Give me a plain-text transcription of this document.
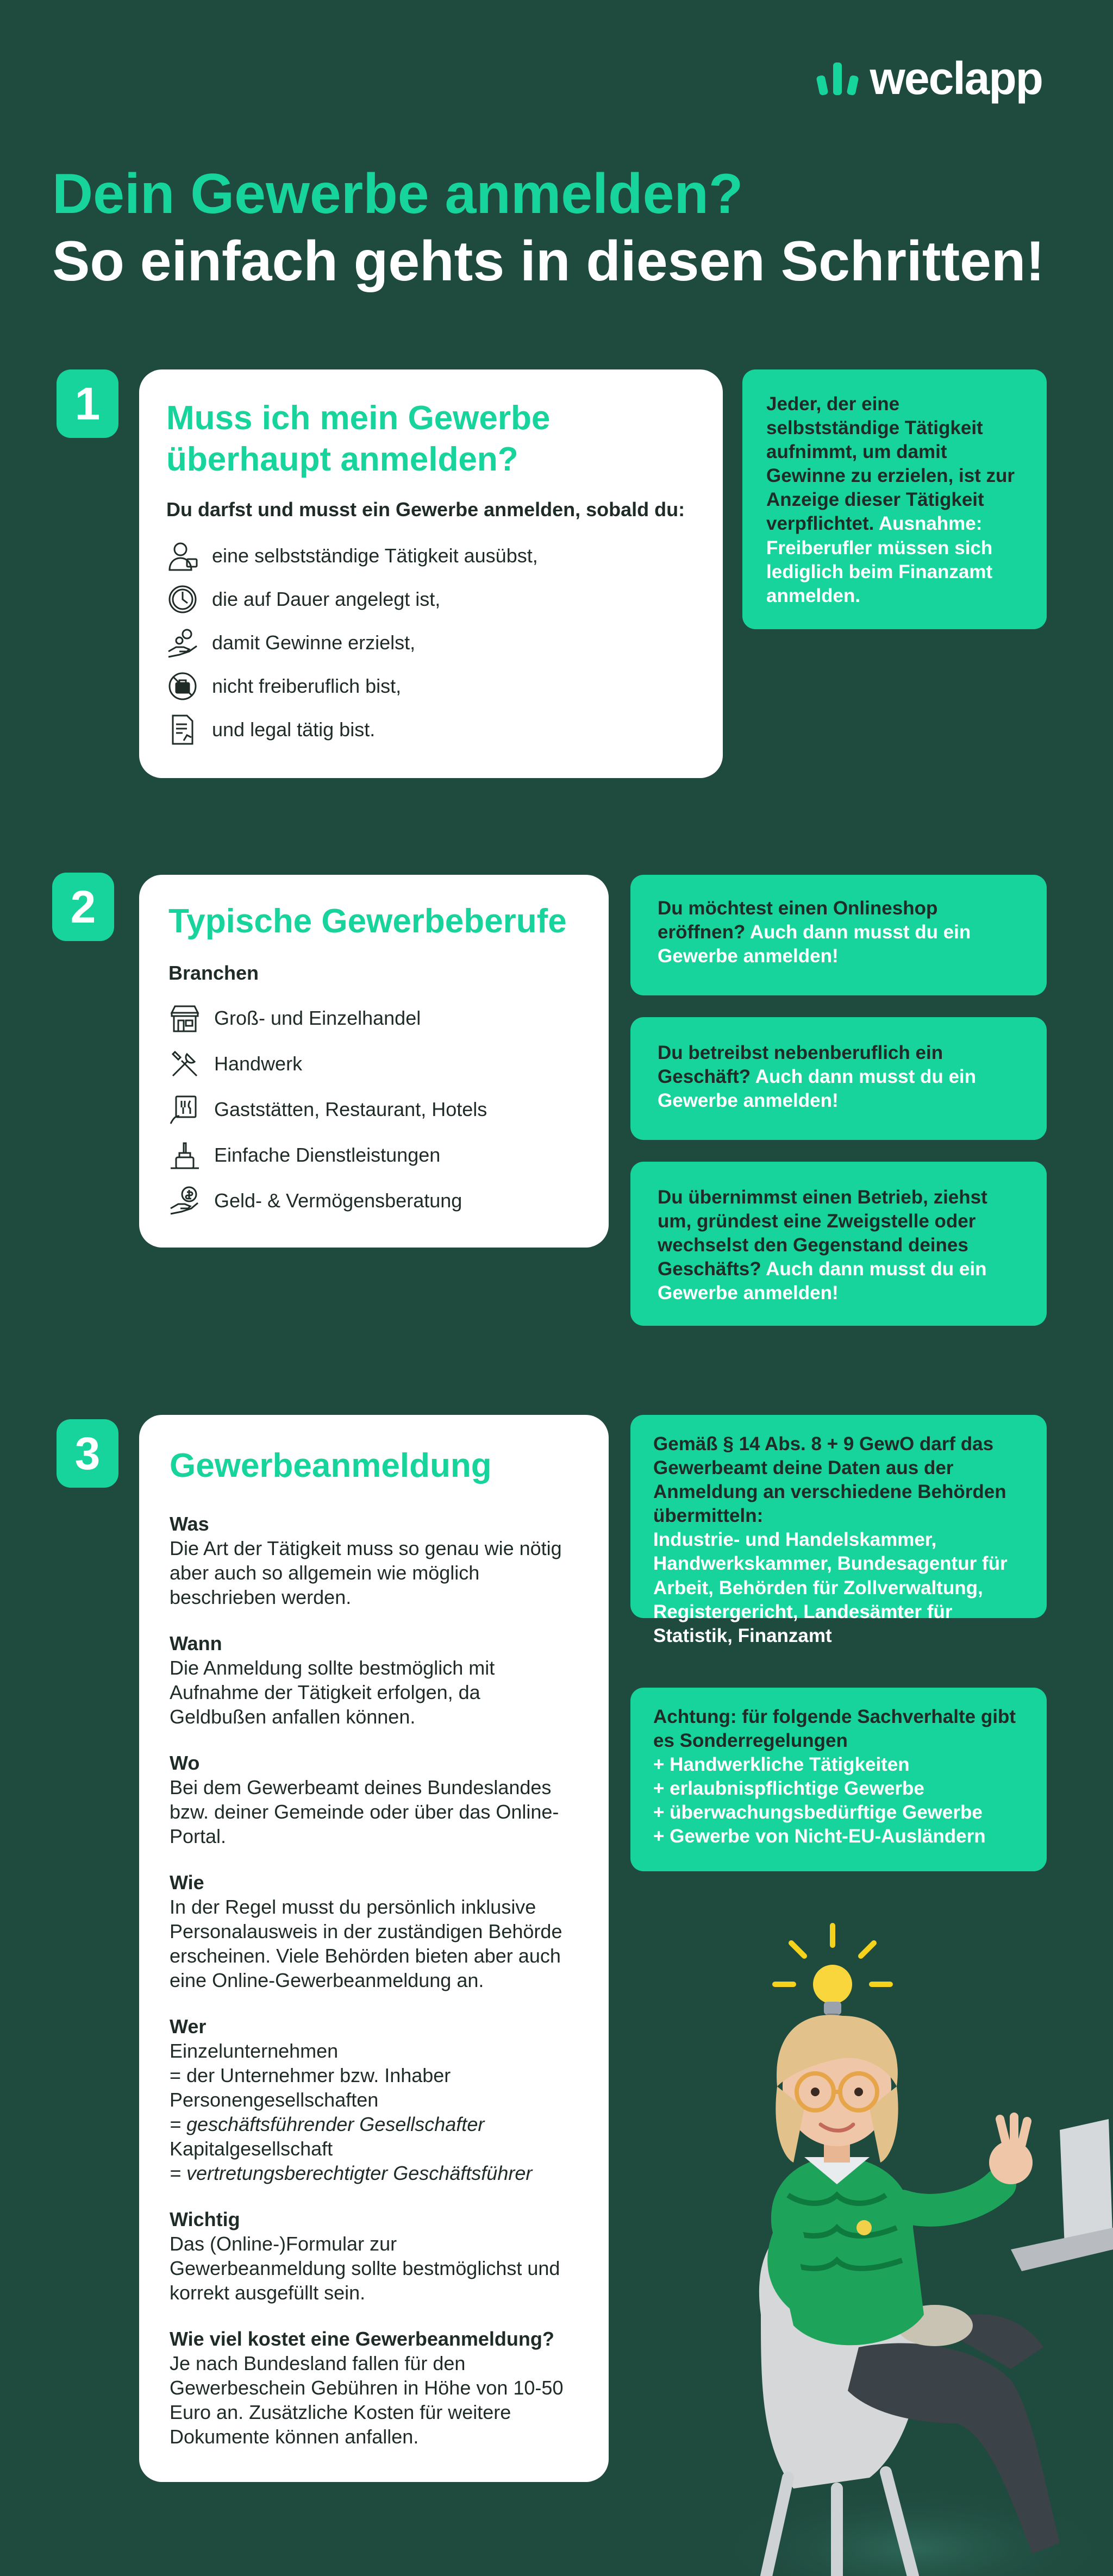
weclapp
Dein Gewerbe anmelden?
So einfach gehts in diesen Schritten!
1	Muss ich mein Gewerbe
überhaupt anmelden?
Du darfst und musst ein Gewerbe anmelden, sobald du:
eine selbstständige Tätigkeit ausübst,
die auf Dauer angelegt ist,
damit Gewinne erzielst,
nicht freiberuflich bist,
und legal tätig bist.
Jeder, der eine selbstständige Tätigkeit aufnimmt, um damit Gewinne zu erzielen, ist zur Anzeige dieser Tätigkeit verpflichtet. Ausnahme: Freiberufler müssen sich lediglich beim Finanzamt anmelden.
2	Typische Gewerbeberufe
Branchen
Groß- und Einzelhandel
Handwerk
Gaststätten, Restaurant, Hotels
Einfache Dienstleistungen
Geld- & Vermögensberatung
Du möchtest einen Onlineshop eröffnen? Auch dann musst du ein Gewerbe anmelden!
Du betreibst nebenberuflich ein Geschäft? Auch dann musst du ein Gewerbe anmelden!
Du übernimmst einen Betrieb, ziehst um, gründest eine Zweigstelle oder wechselst den Gegenstand deines Geschäfts? Auch dann musst du ein Gewerbe anmelden!
3	Gewerbeanmeldung
Was
Die Art der Tätigkeit muss so genau wie nötig aber auch so allgemein wie möglich beschrieben werden.
Wann
Die Anmeldung sollte bestmöglich mit Aufnahme der Tätigkeit erfolgen, da Geldbußen anfallen können.
Wo
Bei dem Gewerbeamt deines Bundeslandes bzw. deiner Gemeinde oder über das Online-Portal.
Wie
In der Regel musst du persönlich inklusive Personalausweis in der zuständigen Behörde erscheinen. Viele Behörden bieten aber auch eine Online-Gewerbeanmeldung an.
Wer
Einzelunternehmen
= der Unternehmer bzw. Inhaber
Personengesellschaften
= geschäftsführender Gesellschafter
Kapitalgesellschaft
= vertretungsberechtigter Geschäftsführer
Wichtig
Das (Online-)Formular zur Gewerbeanmeldung sollte bestmöglichst und korrekt ausgefüllt sein.
Wie viel kostet eine Gewerbeanmeldung?
Je nach Bundesland fallen für den Gewerbeschein Gebühren in Höhe von 10-50 Euro an. Zusätzliche Kosten für weitere Dokumente können anfallen.
Gemäß § 14 Abs. 8 + 9 GewO darf das Gewerbeamt deine Daten aus der Anmeldung an verschiedene Behörden übermitteln:
Industrie- und Handelskammer, Handwerkskammer, Bundesagentur für Arbeit, Behörden für Zollverwaltung, Registergericht, Landesämter für Statistik, Finanzamt
Achtung: für folgende Sachverhalte gibt es Sonderregelungen
+ Handwerkliche Tätigkeiten
+ erlaubnispflichtige Gewerbe
+ überwachungsbedürftige Gewerbe
+ Gewerbe von Nicht-EU-Ausländern
